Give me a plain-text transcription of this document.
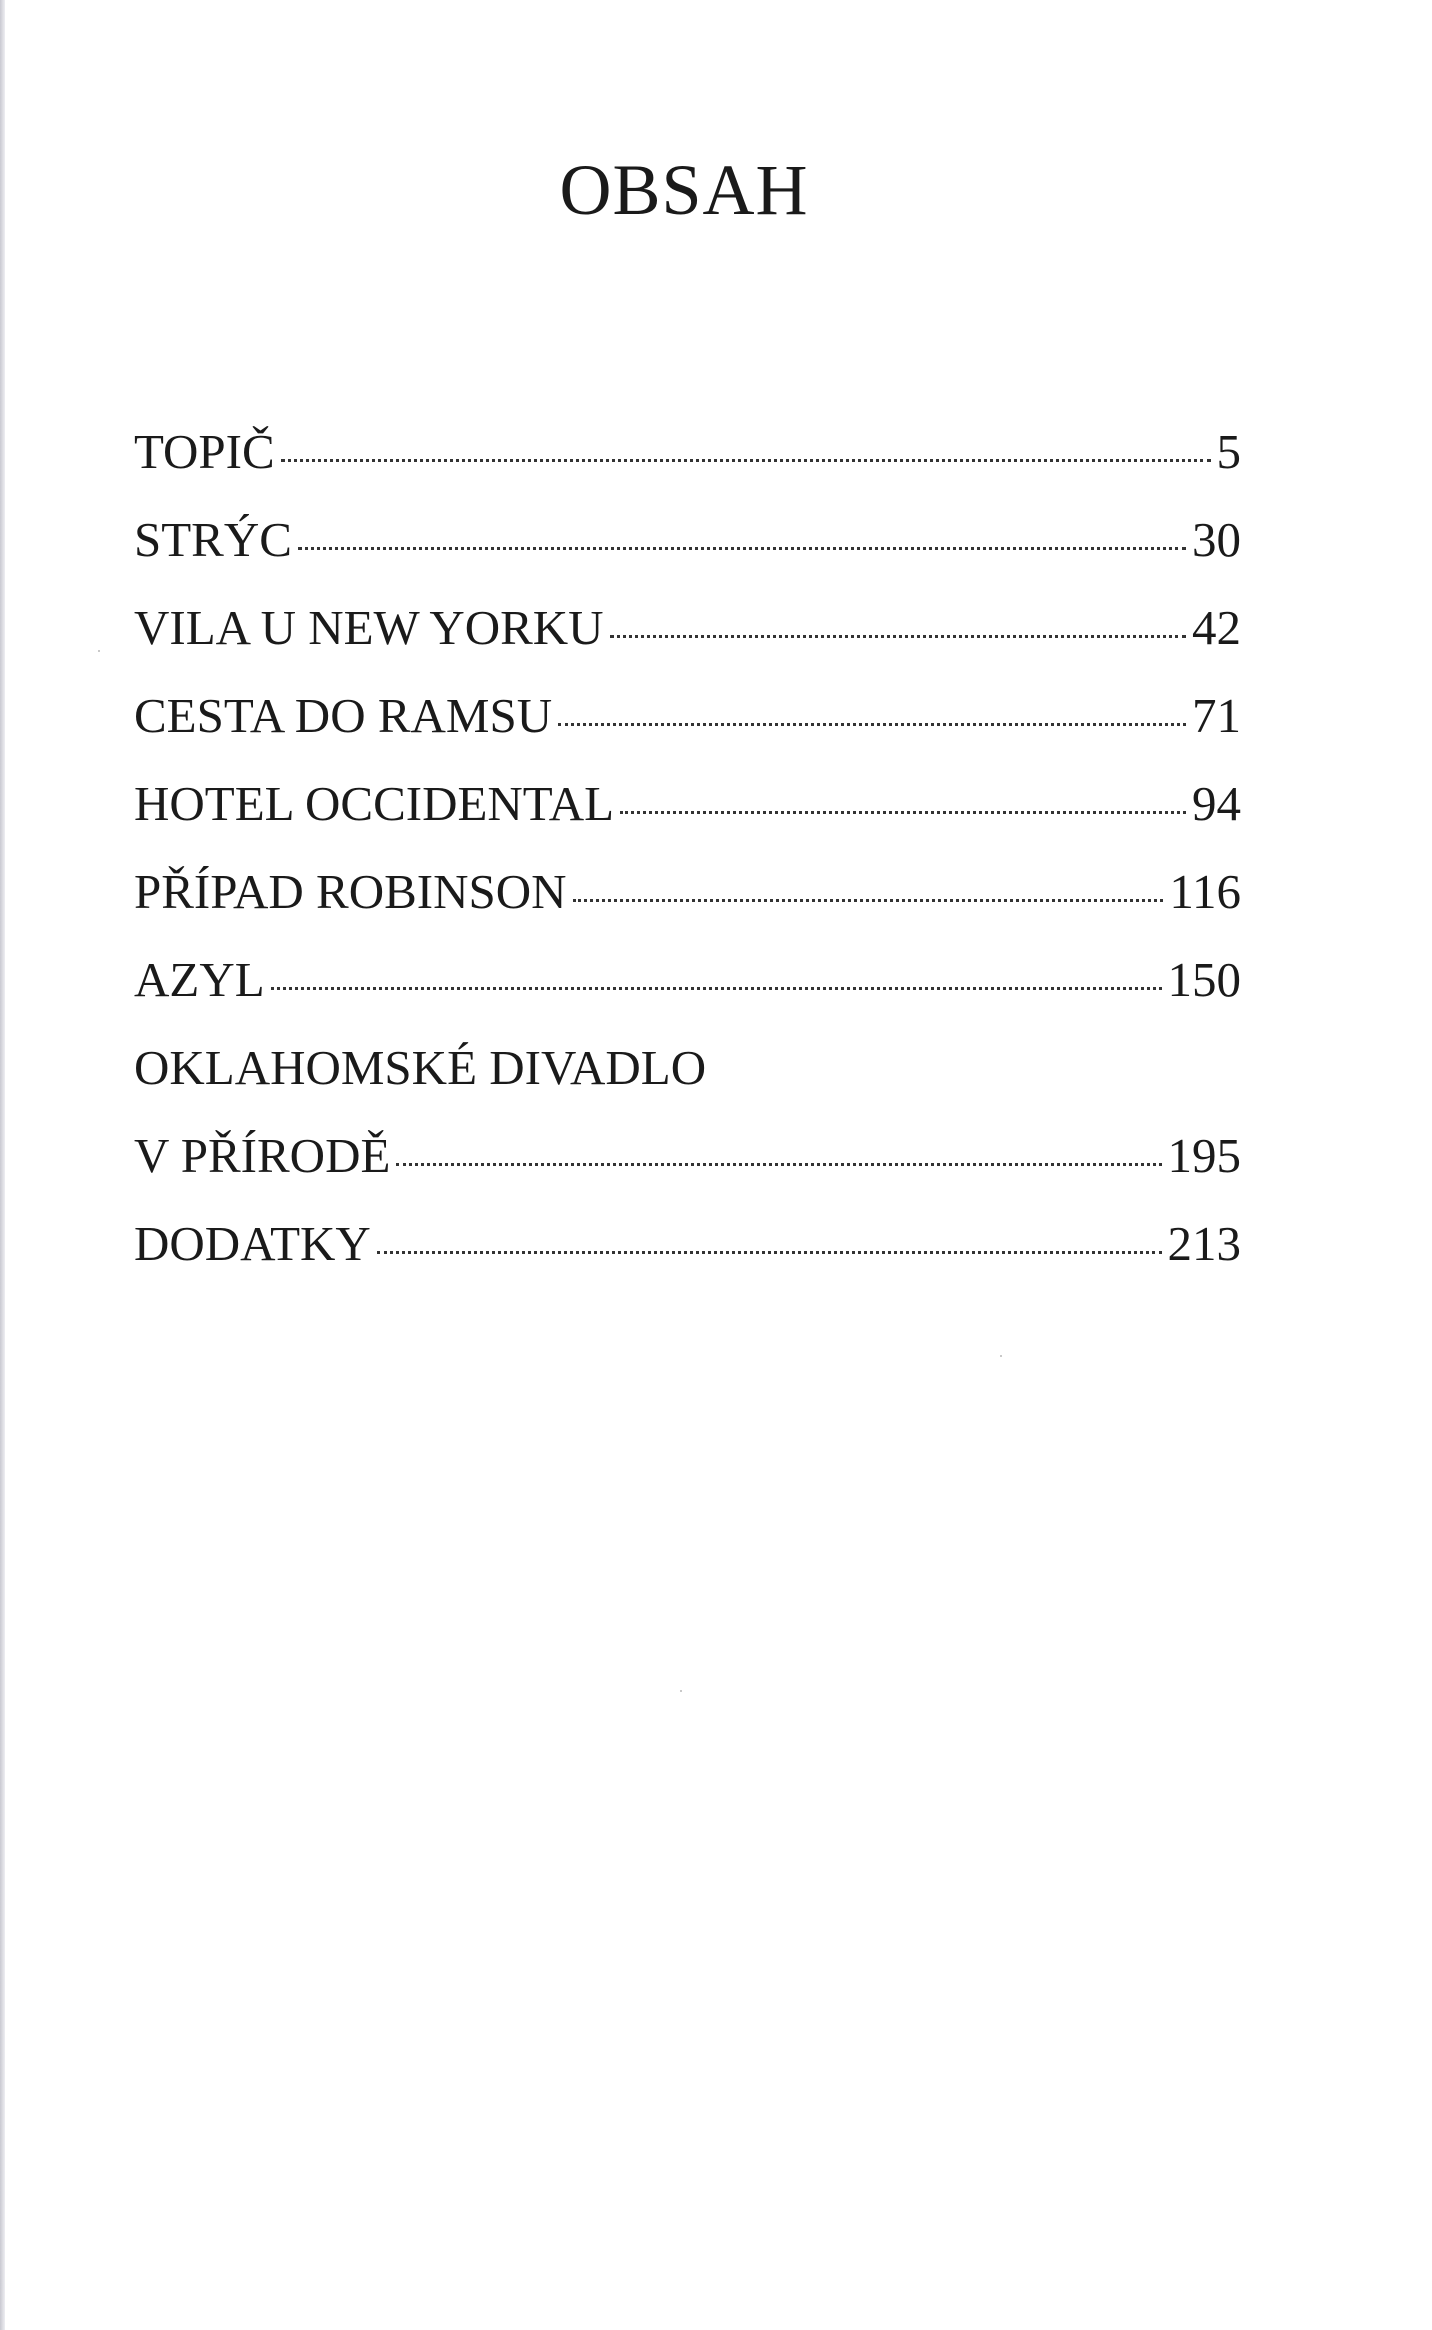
OBSAH
TOPIČ	5
STRÝC	30
VILA U NEW YORKU	42
CESTA DO RAMSU	71
HOTEL OCCIDENTAL	94
PŘÍPAD ROBINSON	116
AZYL	150
OKLAHOMSKÉ DIVADLO
V PŘÍRODĚ	195
DODATKY	213
